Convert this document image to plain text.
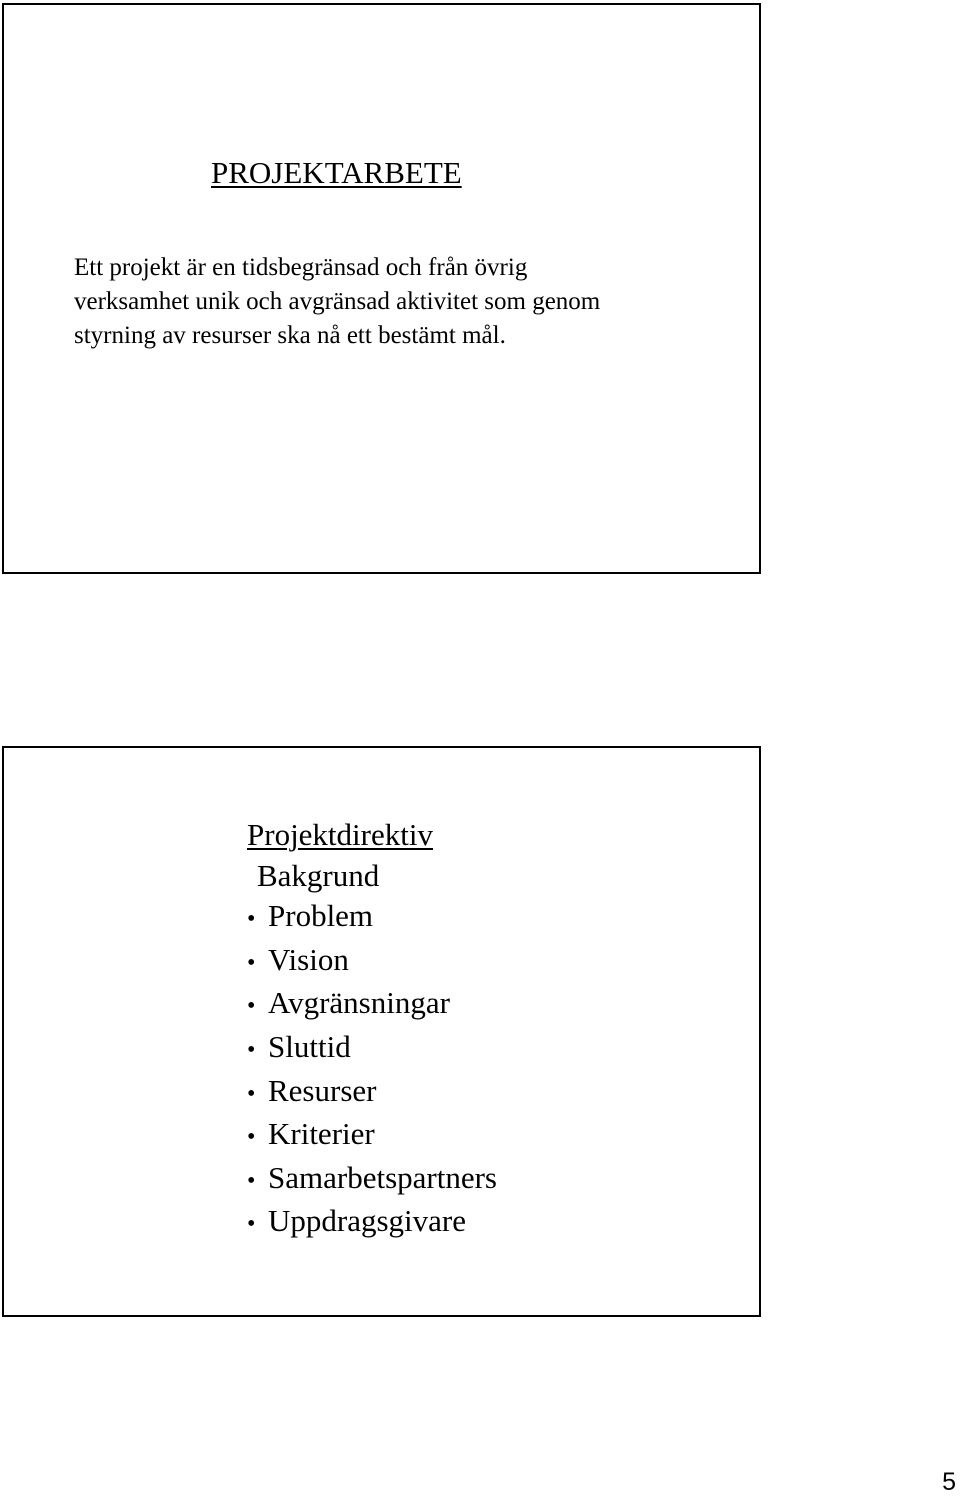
PROJEKTARBETE

Ett projekt är en tidsbegränsad och från övrig
verksamhet unik och avgränsad aktivitet som genom
styrning av resurser ska nå ett bestämt mål.

Projektdirektiv
Bakgrund
• Problem
• Vision
• Avgränsningar
• Sluttid
• Resurser
• Kriterier
• Samarbetspartners
• Uppdragsgivare
5
